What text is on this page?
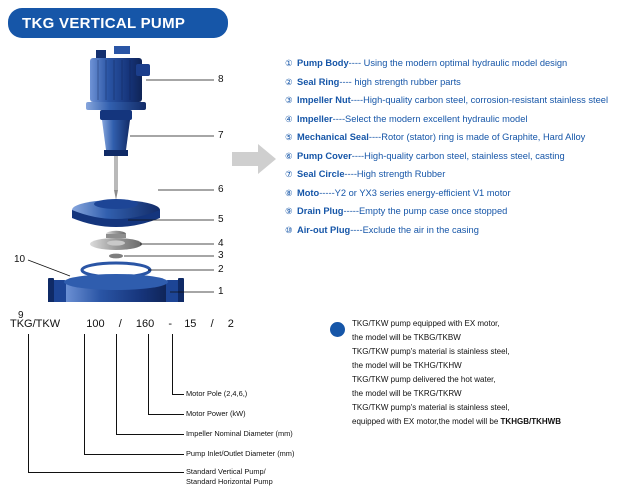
TKG VERTICAL PUMP
8
7
6
5
4
3
2
1
10
9
① Pump Body---- Using the modern optimal hydraulic model design
② Seal Ring---- high strength rubber parts
③ Impeller Nut----High-quality carbon steel, corrosion-resistant stainless steel
④ Impeller----Select the modern excellent hydraulic model
⑤ Mechanical Seal----Rotor (stator) ring is made of Graphite, Hard Alloy
⑥ Pump Cover----High-quality carbon steel, stainless steel, casting
⑦ Seal Circle----High strength Rubber
⑧ Moto-----Y2 or YX3 series energy-efficient V1 motor
⑨ Drain Plug-----Empty the pump case once stopped
⑩ Air-out Plug----Exclude the air in the casing
TKG/TKW 100 / 160 - 15 / 2
Motor Pole (2,4,6,)
Motor Power (kW)
Impeller Nominal Diameter (mm)
Pump Inlet/Outlet Diameter (mm)
Standard Vertical Pump/
Standard Horizontal Pump
TKG/TKW pump equipped with EX motor,
the model will be TKBG/TKBW
TKG/TKW pump's material is stainless steel,
the model will be TKHG/TKHW
TKG/TKW pump delivered the hot water,
the model will be TKRG/TKRW
TKG/TKW pump's material is stainless steel,
equipped with EX motor,the model will be TKHGB/TKHWB
